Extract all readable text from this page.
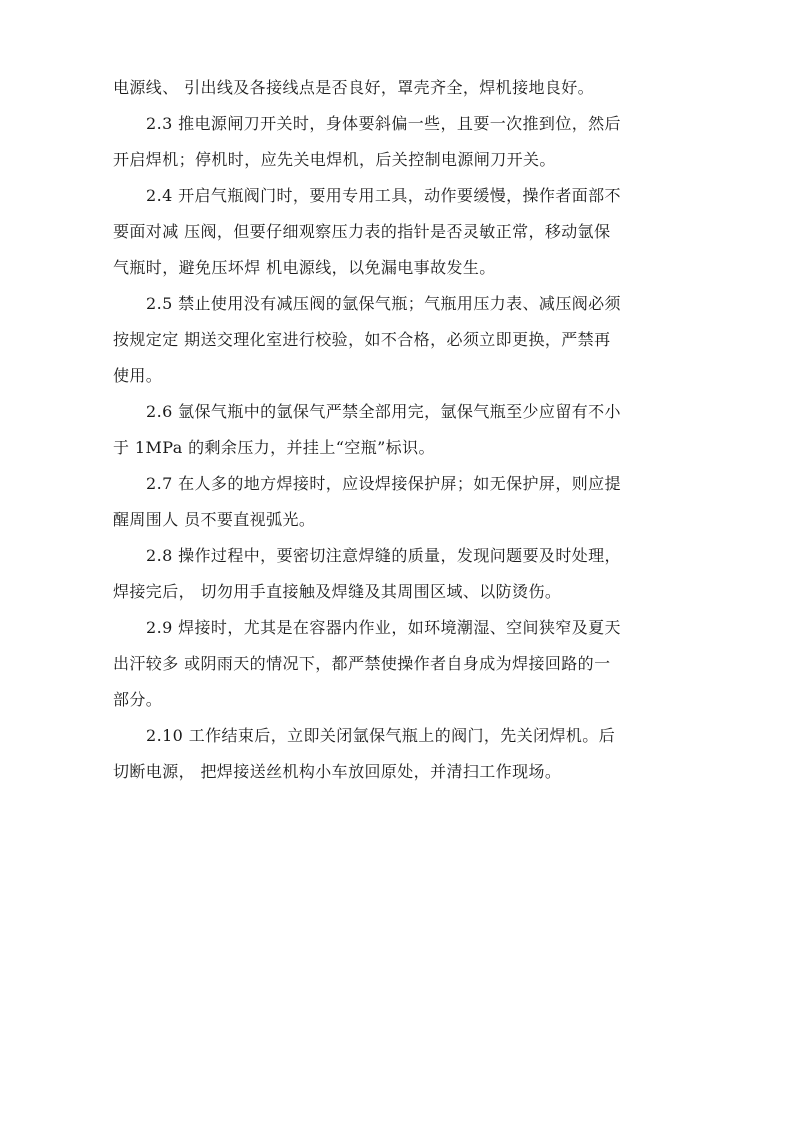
电源线、 引出线及各接线点是否良好，罩壳齐全，焊机接地良好。

2.3 推电源闸刀开关时，身体要斜偏一些，且要一次推到位，然后
开启焊机；停机时，应先关电焊机，后关控制电源闸刀开关。

2.4 开启气瓶阀门时，要用专用工具，动作要缓慢，操作者面部不
要面对减 压阀，但要仔细观察压力表的指针是否灵敏正常，移动氩保
气瓶时，避免压坏焊 机电源线，以免漏电事故发生。

2.5 禁止使用没有减压阀的氩保气瓶；气瓶用压力表、减压阀必须
按规定定 期送交理化室进行校验，如不合格，必须立即更换，严禁再
使用。

2.6 氩保气瓶中的氩保气严禁全部用完，氩保气瓶至少应留有不小
于 1MPa 的剩余压力，并挂上“空瓶”标识。

2.7 在人多的地方焊接时，应设焊接保护屏；如无保护屏，则应提
醒周围人 员不要直视弧光。

2.8 操作过程中，要密切注意焊缝的质量，发现问题要及时处理，
焊接完后， 切勿用手直接触及焊缝及其周围区域、以防烫伤。

2.9 焊接时，尤其是在容器内作业，如环境潮湿、空间狭窄及夏天
出汗较多 或阴雨天的情况下，都严禁使操作者自身成为焊接回路的一
部分。

2.10 工作结束后，立即关闭氩保气瓶上的阀门，先关闭焊机。后
切断电源， 把焊接送丝机构小车放回原处，并清扫工作现场。
